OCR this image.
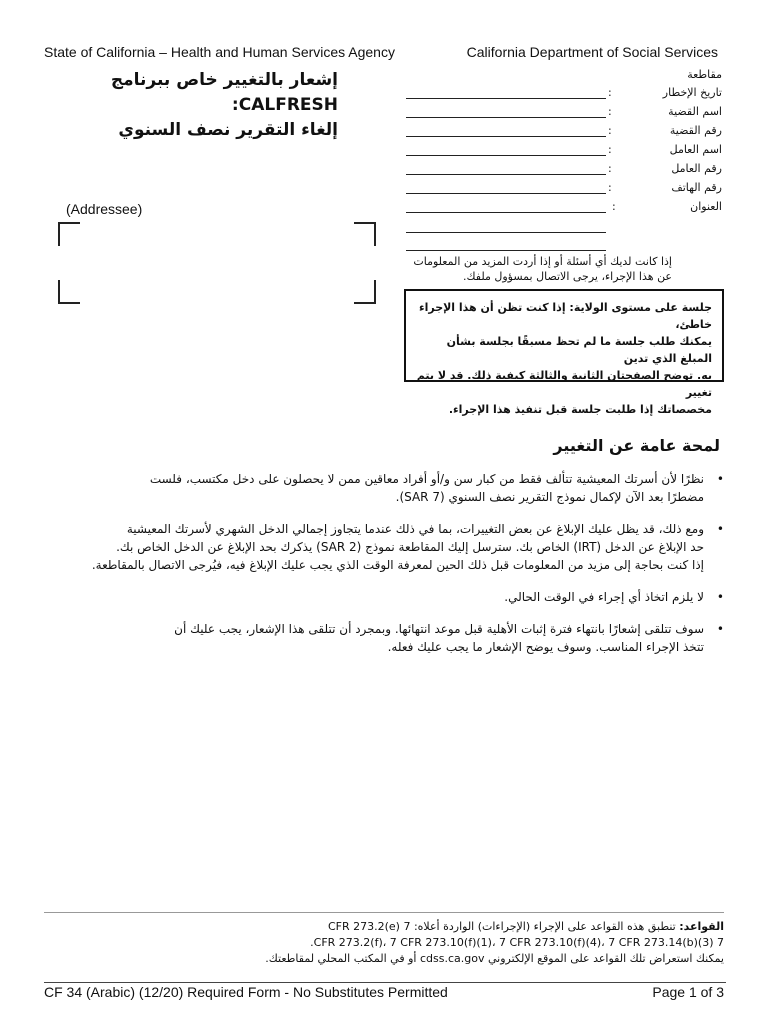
State of California – Health and Human Services Agency	California Department of Social Services
إشعار بالتغيير خاص ببرنامج CALFRESH:
إلغاء التقرير نصف السنوي
مقاطعة
تاريخ الإخطار
:
اسم القضية
:
رقم القضية
:
اسم العامل
:
رقم العامل
:
رقم الهاتف
:
العنوان
:
(Addressee)
إذا كانت لديك أي أسئلة أو إذا أردت المزيد من المعلومات
عن هذا الإجراء، يرجى الاتصال بمسؤول ملفك.
جلسة على مستوى الولاية: إذا كنت تظن أن هذا الإجراء خاطئ،
يمكنك طلب جلسة ما لم تحظ مسبقًا بجلسة بشأن المبلغ الذي تدين
به. توضح الصفحتان الثانية والثالثة كيفية ذلك. قد لا يتم تغيير
مخصصاتك إذا طلبت جلسة قبل تنفيذ هذا الإجراء.
لمحة عامة عن التغيير
•
نظرًا لأن أسرتك المعيشية تتألف فقط من كبار سن و/أو أفراد معاقين ممن لا يحصلون على دخل مكتسب، فلست
مضطرًا بعد الآن لإكمال نموذج التقرير نصف السنوي (SAR 7).
•
ومع ذلك، قد يظل عليك الإبلاغ عن بعض التغييرات، بما في ذلك عندما يتجاوز إجمالي الدخل الشهري لأسرتك المعيشية
حد الإبلاغ عن الدخل (IRT) الخاص بك. سترسل إليك المقاطعة نموذج (SAR 2) يذكرك بحد الإبلاغ عن الدخل الخاص بك.
إذا كنت بحاجة إلى مزيد من المعلومات قبل ذلك الحين لمعرفة الوقت الذي يجب عليك الإبلاغ فيه، فيُرجى الاتصال بالمقاطعة.
•
لا يلزم اتخاذ أي إجراء في الوقت الحالي.
•
سوف تتلقى إشعارًا بانتهاء فترة إثبات الأهلية قبل موعد انتهائها. وبمجرد أن تتلقى هذا الإشعار، يجب عليك أن
تتخذ الإجراء المناسب. وسوف يوضح الإشعار ما يجب عليك فعله.
القواعد: تنطبق هذه القواعد على الإجراء (الإجراءات) الواردة أعلاه: 7 CFR 273.2(e)
7 CFR 273.2(f)، 7 CFR 273.10(f)(1)، 7 CFR 273.10(f)(4)، 7 CFR 273.14(b)(3).
يمكنك استعراض تلك القواعد على الموقع الإلكتروني cdss.ca.gov أو في المكتب المحلي لمقاطعتك.
CF 34 (Arabic) (12/20) Required Form - No Substitutes Permitted	Page 1 of 3
